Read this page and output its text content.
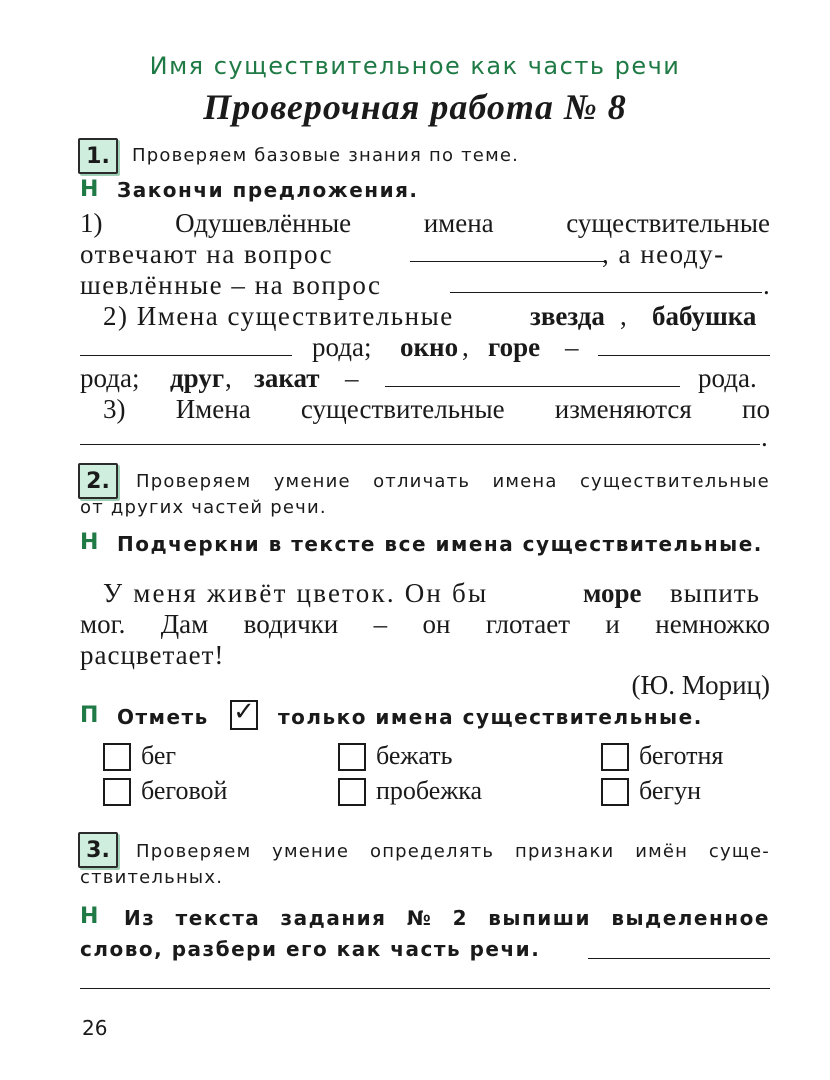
Имя существительное как часть речи
Проверочная работа № 8
1.	Проверяем базовые знания по теме.
Н Закончи предложения.
1)	Одушевлённые	имена	существительные
отвечают на вопрос	, а неоду-
шевлённые – на вопрос	.
2) Имена существительные	звезда , бабушка
рода; окно , горе –
рода; друг , закат –	рода.
3) Имена существительные изменяются по
.
2.	Проверяем умение отличать имена существительные
от других частей речи.
Н Подчеркни в тексте все имена существительные.
У меня живёт цветок. Он бы	море выпить
мог. Дам водички – он глотает и немножко
расцветает!
(Ю. Мориц)
П Отметь ✓ только имена существительные.
бег	бежать	беготня
беговой	пробежка	бегун
3.	Проверяем умение определять признаки имён суще-
ствительных.
Н Из текста задания № 2 выпиши выделенное
слово, разбери его как часть речи.
26
